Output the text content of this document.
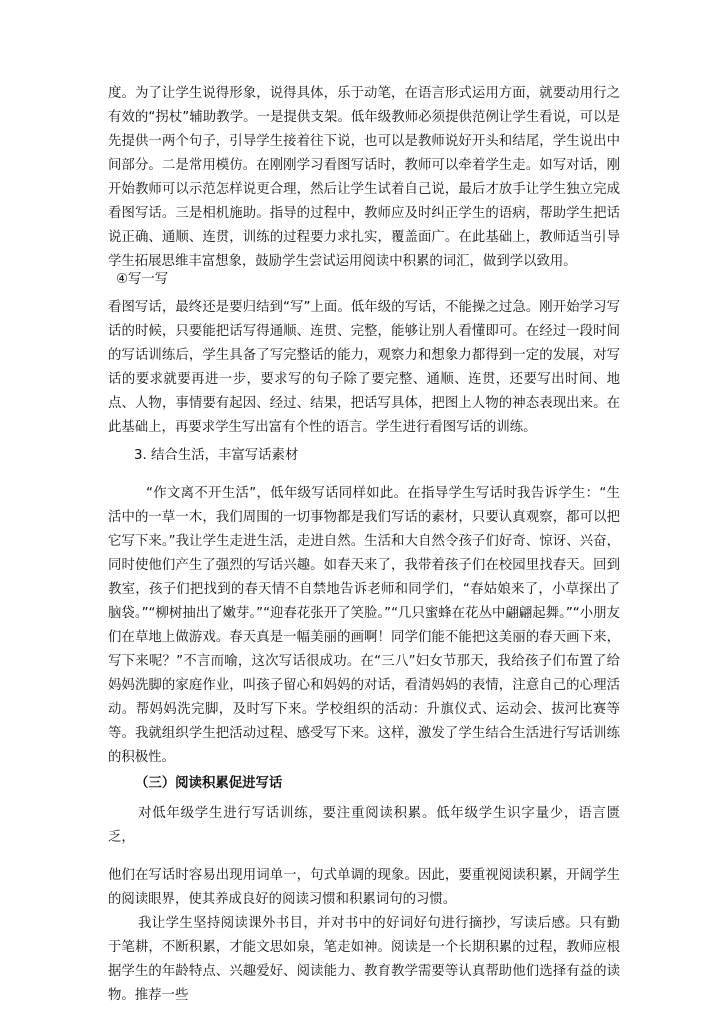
度。为了让学生说得形象，说得具体，乐于动笔，在语言形式运用方面，就要动用行之有效的“拐杖”辅助教学。一是提供支架。低年级教师必须提供范例让学生看说，可以是先提供一两个句子，引导学生接着往下说，也可以是教师说好开头和结尾，学生说出中间部分。二是常用模仿。在刚刚学习看图写话时，教师可以牵着学生走。如写对话，刚开始教师可以示范怎样说更合理，然后让学生试着自己说，最后才放手让学生独立完成看图写话。三是相机施助。指导的过程中，教师应及时纠正学生的语病，帮助学生把话说正确、通顺、连贯，训练的过程要力求扎实，覆盖面广。在此基础上，教师适当引导学生拓展思维丰富想象，鼓励学生尝试运用阅读中积累的词汇，做到学以致用。

④写一写

看图写话，最终还是要归结到“写”上面。低年级的写话，不能操之过急。刚开始学习写话的时候，只要能把话写得通顺、连贯、完整，能够让别人看懂即可。在经过一段时间的写话训练后，学生具备了写完整话的能力，观察力和想象力都得到一定的发展，对写话的要求就要再进一步，要求写的句子除了要完整、通顺、连贯，还要写出时间、地点、人物，事情要有起因、经过、结果，把话写具体，把图上人物的神态表现出来。在此基础上，再要求学生写出富有个性的语言。学生进行看图写话的训练。

3. 结合生活，丰富写话素材

“作文离不开生活”，低年级写话同样如此。在指导学生写话时我告诉学生：“生活中的一草一木，我们周围的一切事物都是我们写话的素材，只要认真观察，都可以把它写下来。”我让学生走进生活，走进自然。生活和大自然令孩子们好奇、惊讶、兴奋，同时使他们产生了强烈的写话兴趣。如春天来了，我带着孩子们在校园里找春天。回到教室，孩子们把找到的春天情不自禁地告诉老师和同学们，“春姑娘来了，小草探出了脑袋。”“柳树抽出了嫩芽。”“迎春花张开了笑脸。”“几只蜜蜂在花丛中翩翩起舞。”“小朋友们在草地上做游戏。春天真是一幅美丽的画啊！同学们能不能把这美丽的春天画下来，写下来呢？”不言而喻，这次写话很成功。在“三八”妇女节那天，我给孩子们布置了给妈妈洗脚的家庭作业，叫孩子留心和妈妈的对话，看清妈妈的表情，注意自己的心理活动。帮妈妈洗完脚，及时写下来。学校组织的活动：升旗仪式、运动会、拔河比赛等等。我就组织学生把活动过程、感受写下来。这样，激发了学生结合生活进行写话训练的积极性。

（三）阅读积累促进写话

对低年级学生进行写话训练，要注重阅读积累。低年级学生识字量少，语言匮乏，

他们在写话时容易出现用词单一，句式单调的现象。因此，要重视阅读积累，开阔学生的阅读眼界，使其养成良好的阅读习惯和积累词句的习惯。

我让学生坚持阅读课外书目，并对书中的好词好句进行摘抄，写读后感。只有勤于笔耕，不断积累，才能文思如泉，笔走如神。阅读是一个长期积累的过程，教师应根据学生的年龄特点、兴趣爱好、阅读能力、教育教学需要等认真帮助他们选择有益的读物。推荐一些
